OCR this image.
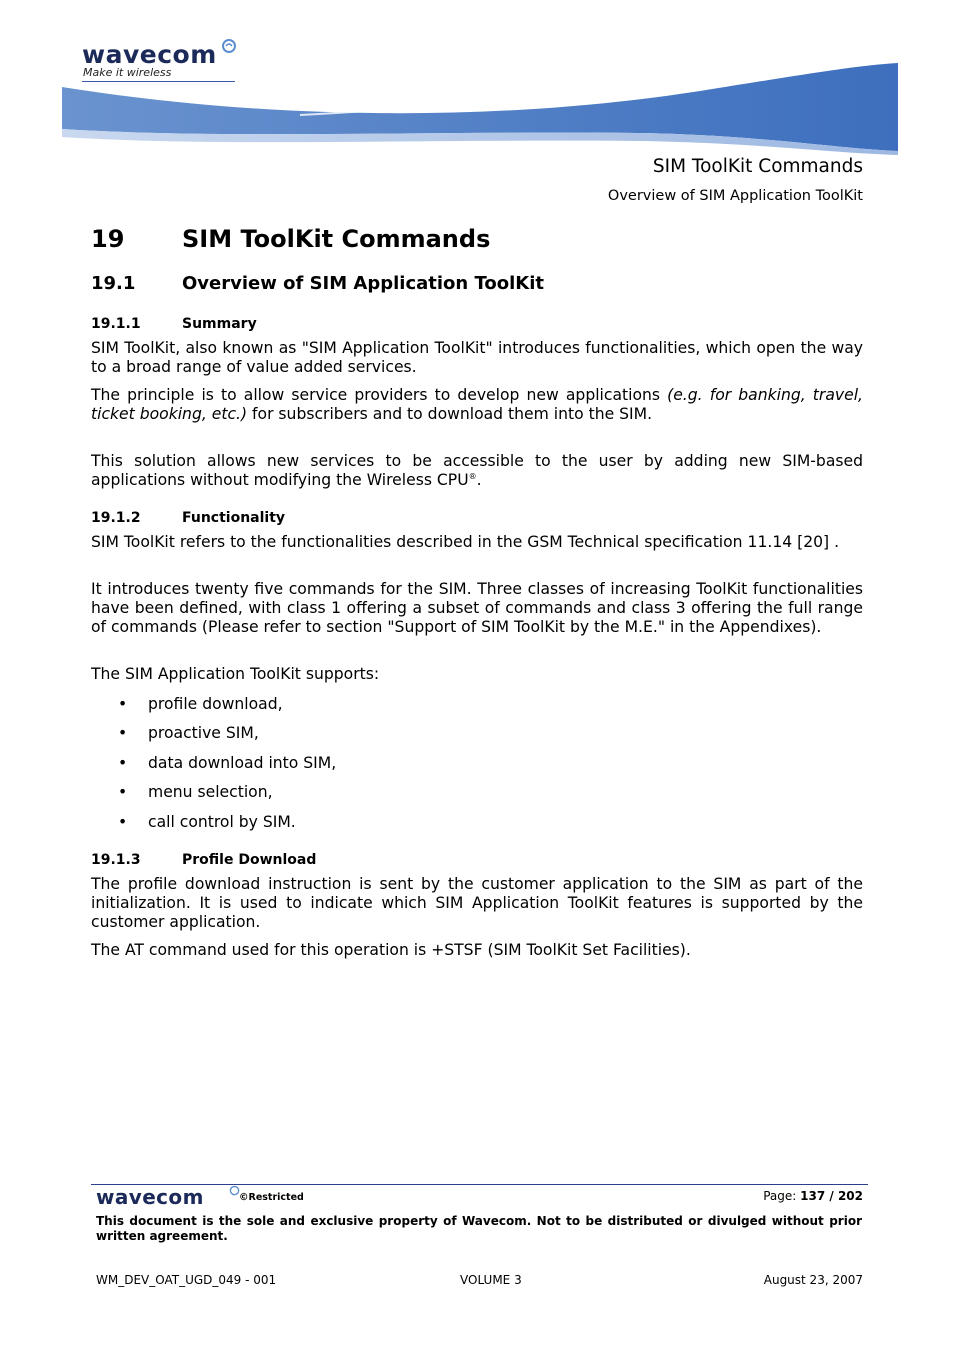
wavecom
Make it wireless
SIM ToolKit Commands
Overview of SIM Application ToolKit
19 SIM ToolKit Commands
19.1	Overview of SIM Application ToolKit
19.1.1	Summary
SIM ToolKit, also known as "SIM Application ToolKit" introduces functionalities, which open the way to a broad range of value added services.
The principle is to allow service providers to develop new applications (e.g. for banking, travel, ticket booking, etc.) for subscribers and to download them into the SIM.
This solution allows new services to be accessible to the user by adding new SIM-based applications without modifying the Wireless CPU®.
19.1.2	Functionality
SIM ToolKit refers to the functionalities described in the GSM Technical specification 11.14 [20] .
It introduces twenty five commands for the SIM. Three classes of increasing ToolKit functionalities have been defined, with class 1 offering a subset of commands and class 3 offering the full range of commands (Please refer to section "Support of SIM ToolKit by the M.E." in the Appendixes).
The SIM Application ToolKit supports:
• profile download,
• proactive SIM,
• data download into SIM,
• menu selection,
• call control by SIM.
19.1.3	Profile Download
The profile download instruction is sent by the customer application to the SIM as part of the initialization. It is used to indicate which SIM Application ToolKit features is supported by the customer application.
The AT command used for this operation is +STSF (SIM ToolKit Set Facilities).
wavecom	©Restricted	Page: 137 / 202
This document is the sole and exclusive property of Wavecom. Not to be distributed or divulged without prior written agreement.
WM_DEV_OAT_UGD_049 - 001	VOLUME 3	August 23, 2007
